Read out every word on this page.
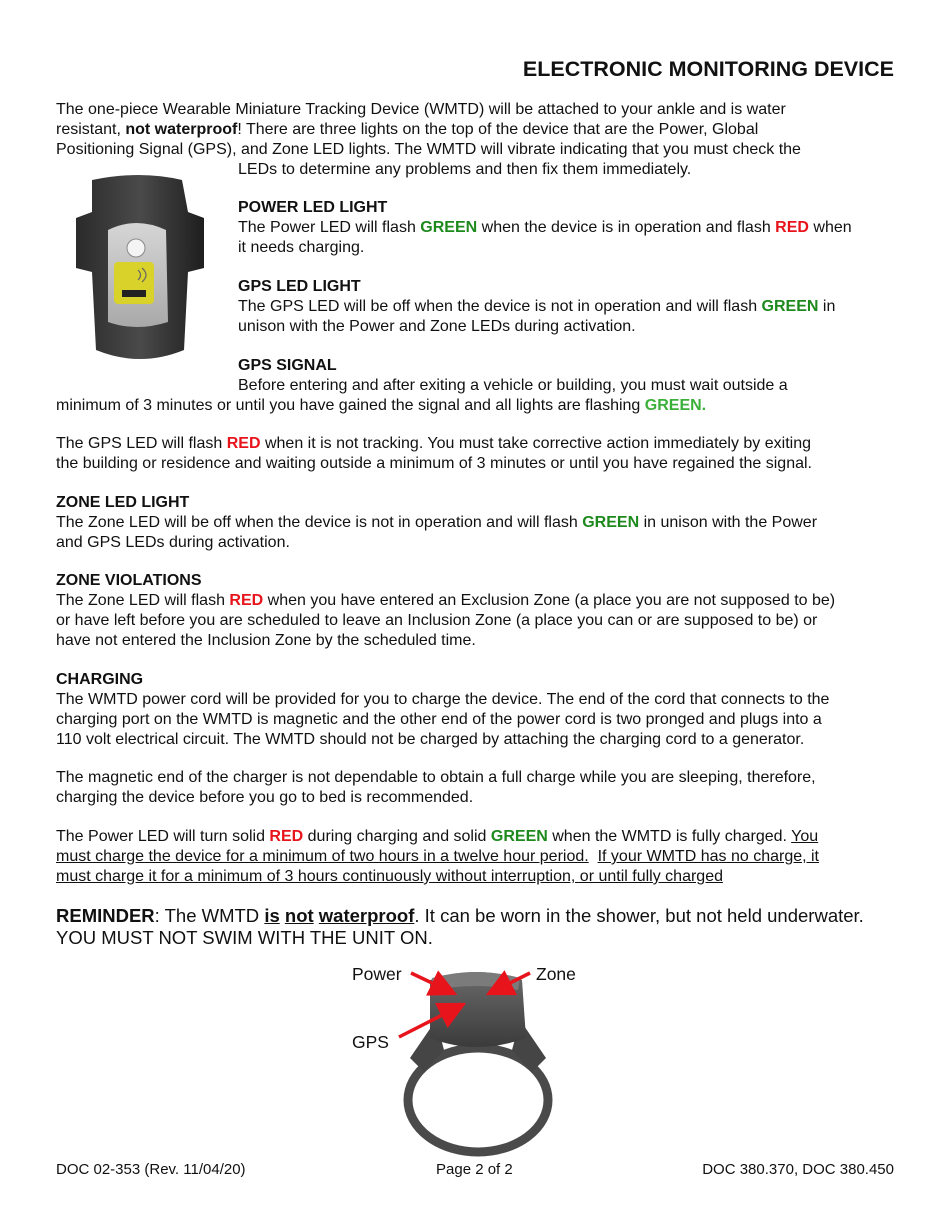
ELECTRONIC MONITORING DEVICE

The one-piece Wearable Miniature Tracking Device (WMTD) will be attached to your ankle and is water

resistant, not waterproof! There are three lights on the top of the device that are the Power, Global

Positioning Signal (GPS), and Zone LED lights. The WMTD will vibrate indicating that you must check the

LEDs to determine any problems and then fix them immediately.

POWER LED LIGHT

The Power LED will flash GREEN when the device is in operation and flash RED when

it needs charging.

GPS LED LIGHT

The GPS LED will be off when the device is not in operation and will flash GREEN in

unison with the Power and Zone LEDs during activation.

GPS SIGNAL

Before entering and after exiting a vehicle or building, you must wait outside a

minimum of 3 minutes or until you have gained the signal and all lights are flashing GREEN.

The GPS LED will flash RED when it is not tracking. You must take corrective action immediately by exiting

the building or residence and waiting outside a minimum of 3 minutes or until you have regained the signal.

ZONE LED LIGHT

The Zone LED will be off when the device is not in operation and will flash GREEN in unison with the Power

and GPS LEDs during activation.

ZONE VIOLATIONS

The Zone LED will flash RED when you have entered an Exclusion Zone (a place you are not supposed to be)

or have left before you are scheduled to leave an Inclusion Zone (a place you can or are supposed to be) or

have not entered the Inclusion Zone by the scheduled time.

CHARGING

The WMTD power cord will be provided for you to charge the device. The end of the cord that connects to the

charging port on the WMTD is magnetic and the other end of the power cord is two pronged and plugs into a

110 volt electrical circuit. The WMTD should not be charged by attaching the charging cord to a generator.

The magnetic end of the charger is not dependable to obtain a full charge while you are sleeping, therefore,

charging the device before you go to bed is recommended.

The Power LED will turn solid RED during charging and solid GREEN when the WMTD is fully charged. You

must charge the device for a minimum of two hours in a twelve hour period. If your WMTD has no charge, it

must charge it for a minimum of 3 hours continuously without interruption, or until fully charged

REMINDER: The WMTD is not waterproof. It can be worn in the shower, but not held underwater.

YOU MUST NOT SWIM WITH THE UNIT ON.

Power	Zone
GPS
DOC 02-353 (Rev. 11/04/20)	Page 2 of 2	DOC 380.370, DOC 380.450
